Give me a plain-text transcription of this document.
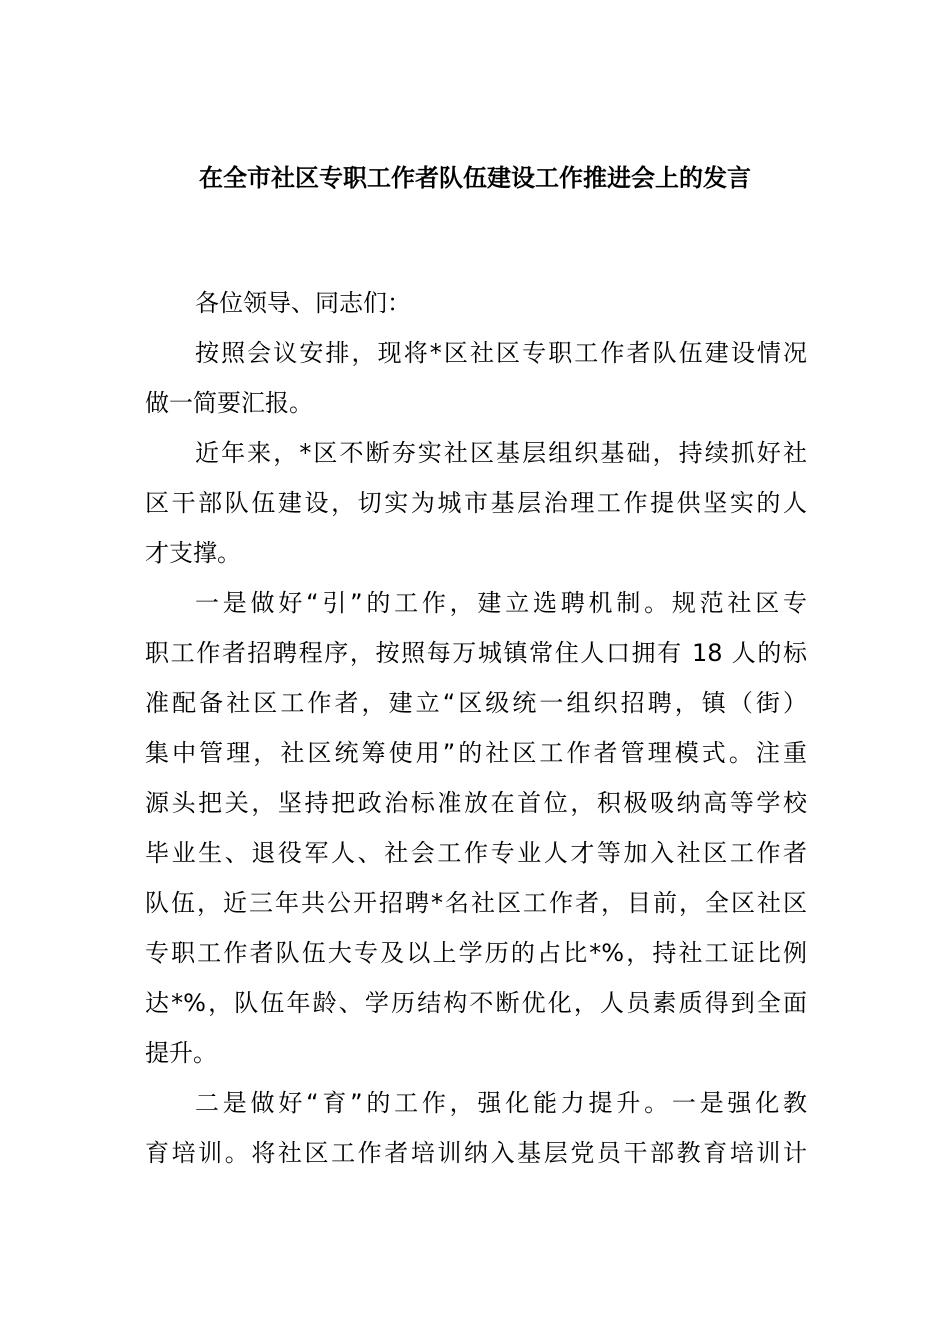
在全市社区专职工作者队伍建设工作推进会上的发言
各位领导、同志们：
按照会议安排，现将*区社区专职工作者队伍建设情况
做一简要汇报。
近年来，*区不断夯实社区基层组织基础，持续抓好社
区干部队伍建设，切实为城市基层治理工作提供坚实的人
才支撑。
一是做好“引”的工作，建立选聘机制。规范社区专
职工作者招聘程序，按照每万城镇常住人口拥有 18 人的标
准配备社区工作者，建立“区级统一组织招聘，镇（街）
集中管理，社区统筹使用”的社区工作者管理模式。注重
源头把关，坚持把政治标准放在首位，积极吸纳高等学校
毕业生、退役军人、社会工作专业人才等加入社区工作者
队伍，近三年共公开招聘*名社区工作者，目前，全区社区
专职工作者队伍大专及以上学历的占比*%，持社工证比例
达*%，队伍年龄、学历结构不断优化，人员素质得到全面
提升。
二是做好“育”的工作，强化能力提升。一是强化教
育培训。将社区工作者培训纳入基层党员干部教育培训计
